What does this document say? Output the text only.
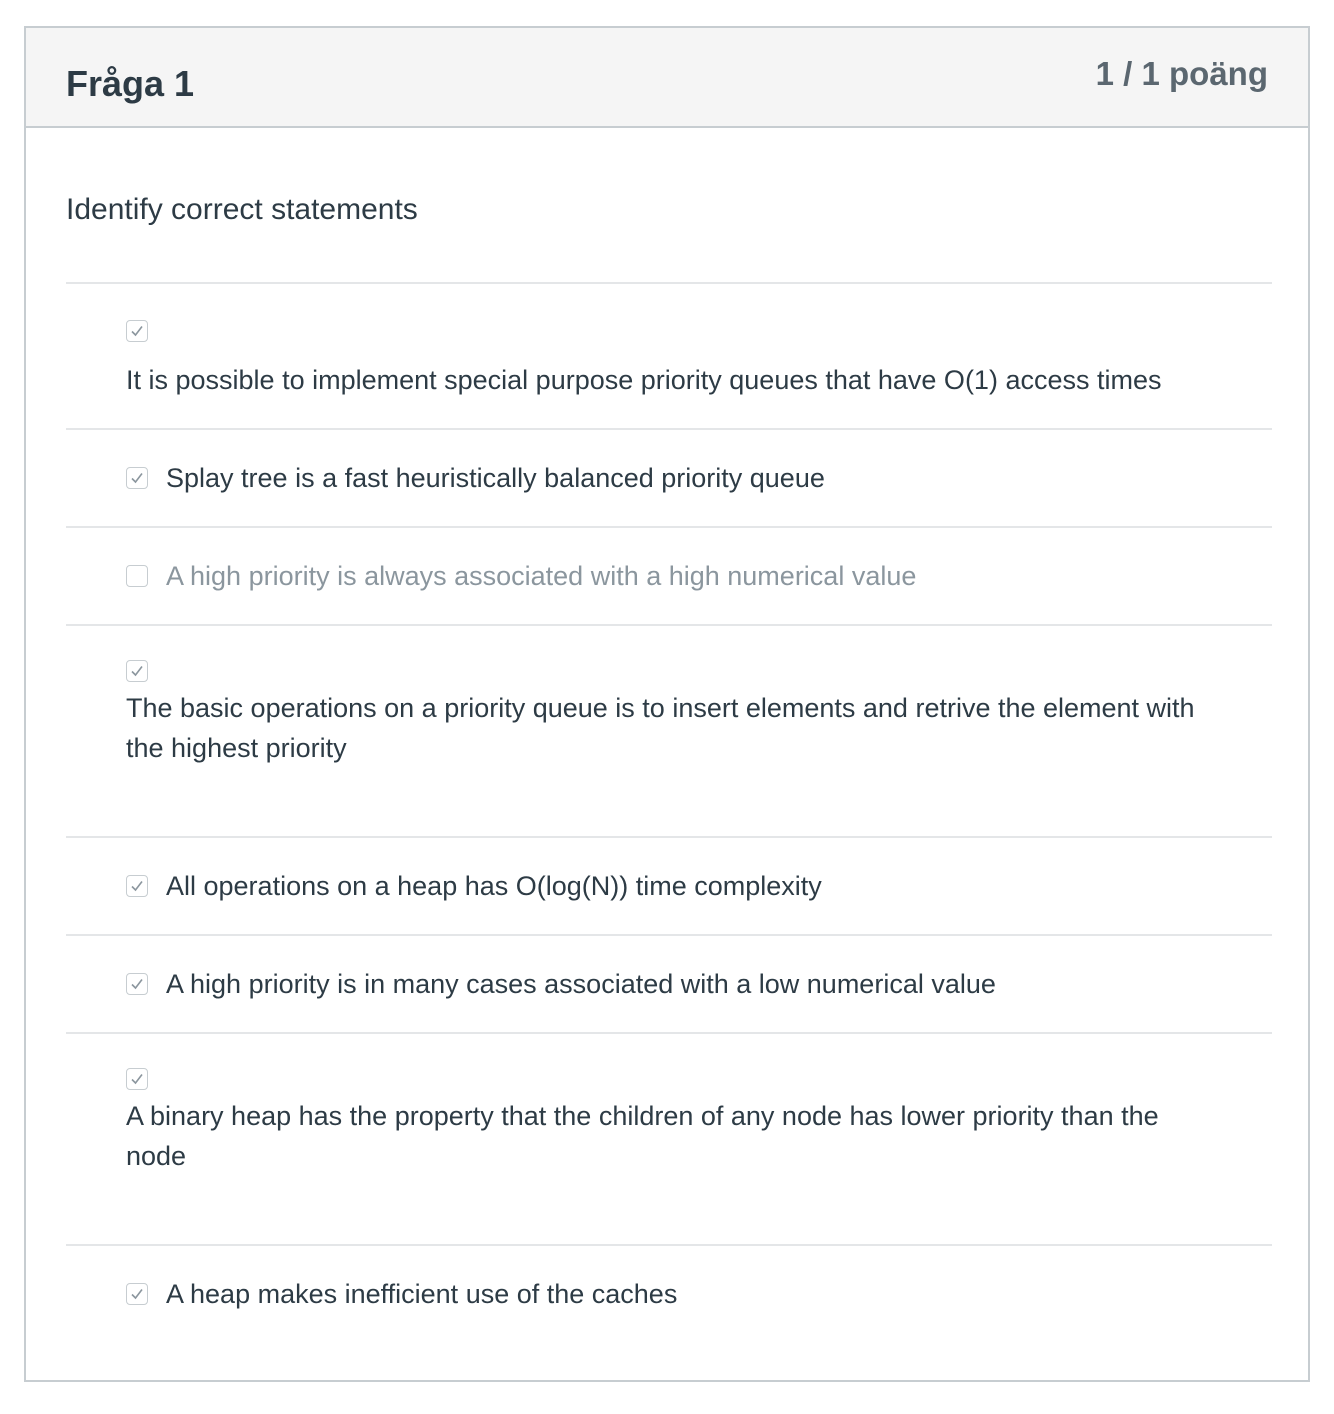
Fråga 1	1 / 1 poäng
Identify correct statements
It is possible to implement special purpose priority queues that have O(1) access times
Splay tree is a fast heuristically balanced priority queue
A high priority is always associated with a high numerical value
The basic operations on a priority queue is to insert elements and retrive the element with the highest priority
All operations on a heap has O(log(N)) time complexity
A high priority is in many cases associated with a low numerical value
A binary heap has the property that the children of any node has lower priority than the node
A heap makes inefficient use of the caches
